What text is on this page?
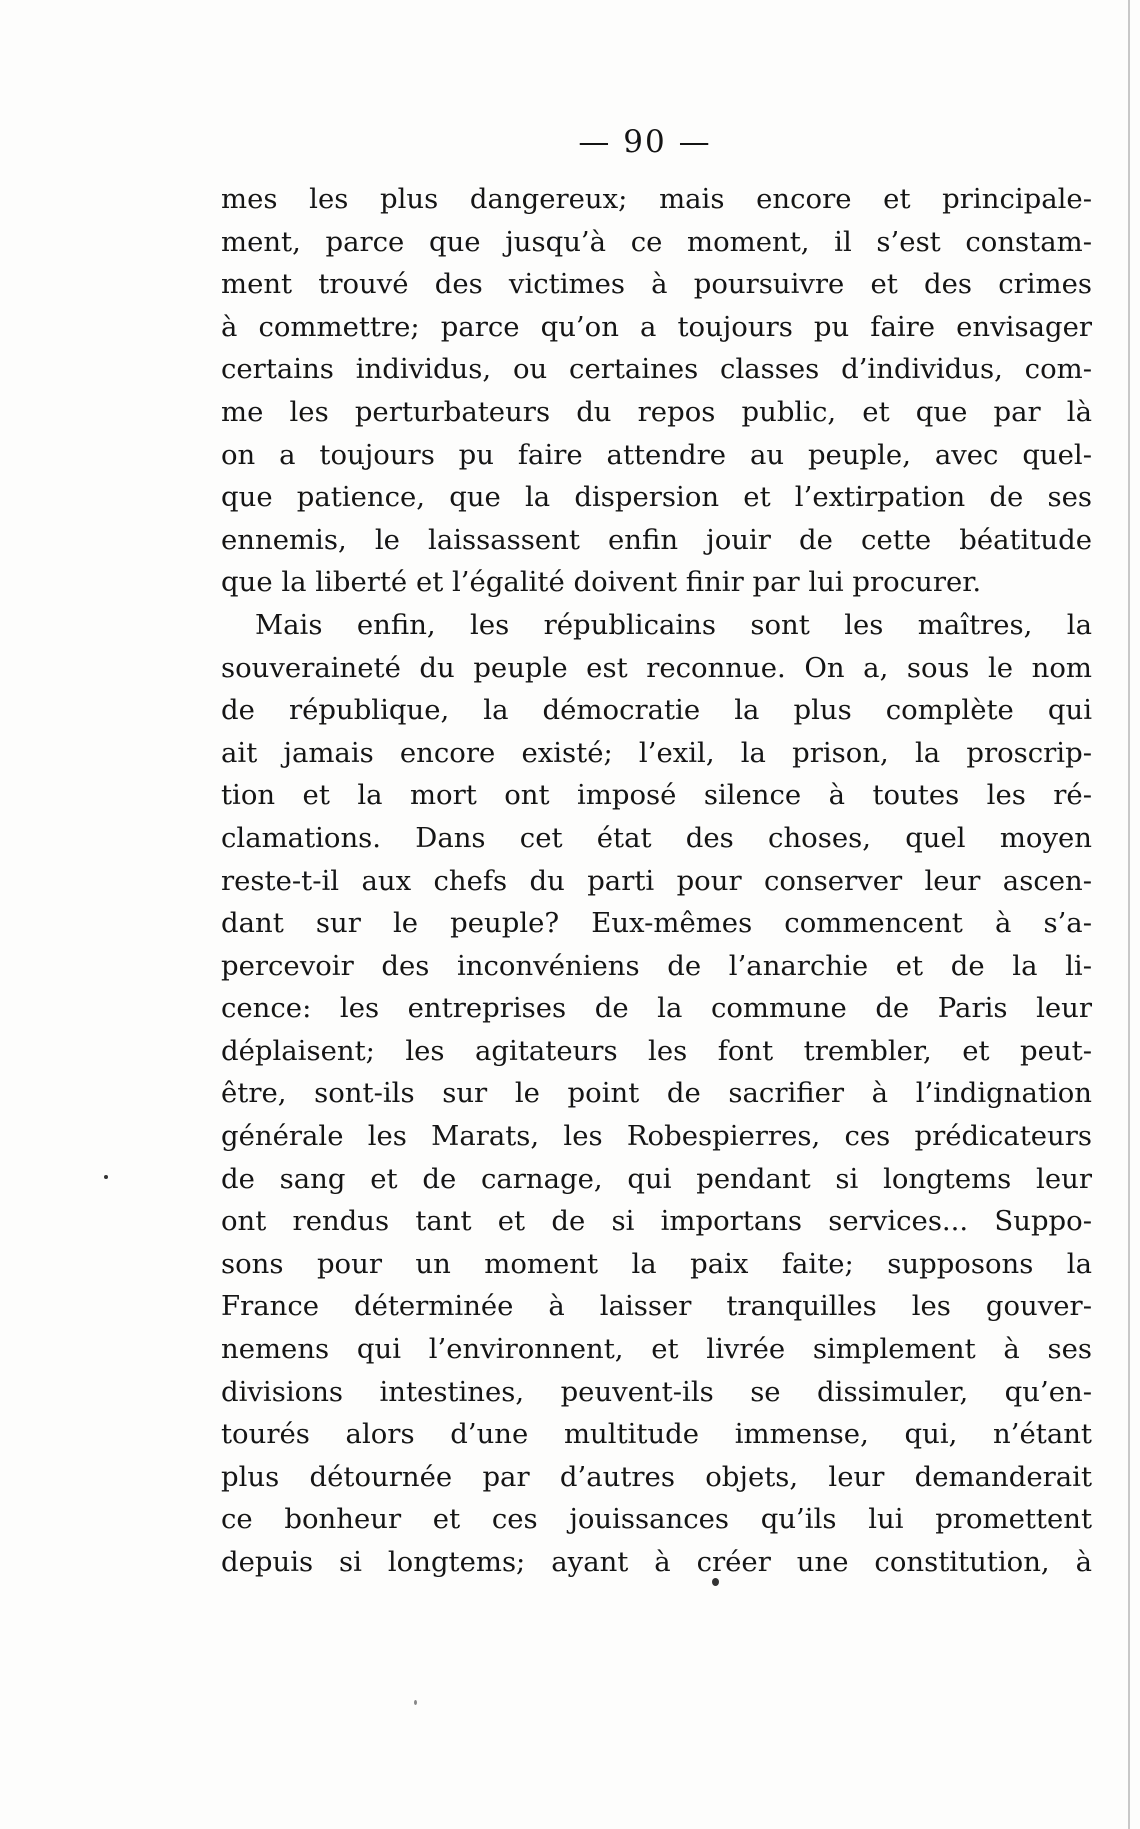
— 90 —
mes les plus dangereux; mais encore et principale-
ment, parce que jusqu’à ce moment, il s’est constam-
ment trouvé des victimes à poursuivre et des crimes
à commettre; parce qu’on a toujours pu faire envisager
certains individus, ou certaines classes d’individus, com-
me les perturbateurs du repos public, et que par là
on a toujours pu faire attendre au peuple, avec quel-
que patience, que la dispersion et l’extirpation de ses
ennemis, le laissassent enfin jouir de cette béatitude
que la liberté et l’égalité doivent finir par lui procurer.
Mais enfin, les républicains sont les maîtres, la
souveraineté du peuple est reconnue. On a, sous le nom
de république, la démocratie la plus complète qui
ait jamais encore existé; l’exil, la prison, la proscrip-
tion et la mort ont imposé silence à toutes les ré-
clamations. Dans cet état des choses, quel moyen
reste-t-il aux chefs du parti pour conserver leur ascen-
dant sur le peuple? Eux-mêmes commencent à s’a-
percevoir des inconvéniens de l’anarchie et de la li-
cence: les entreprises de la commune de Paris leur
déplaisent; les agitateurs les font trembler, et peut-
être, sont-ils sur le point de sacrifier à l’indignation
générale les Marats, les Robespierres, ces prédicateurs
de sang et de carnage, qui pendant si longtems leur
ont rendus tant et de si importans services... Suppo-
sons pour un moment la paix faite; supposons la
France déterminée à laisser tranquilles les gouver-
nemens qui l’environnent, et livrée simplement à ses
divisions intestines, peuvent-ils se dissimuler, qu’en-
tourés alors d’une multitude immense, qui, n’étant
plus détournée par d’autres objets, leur demanderait
ce bonheur et ces jouissances qu’ils lui promettent
depuis si longtems; ayant à créer une constitution, à
